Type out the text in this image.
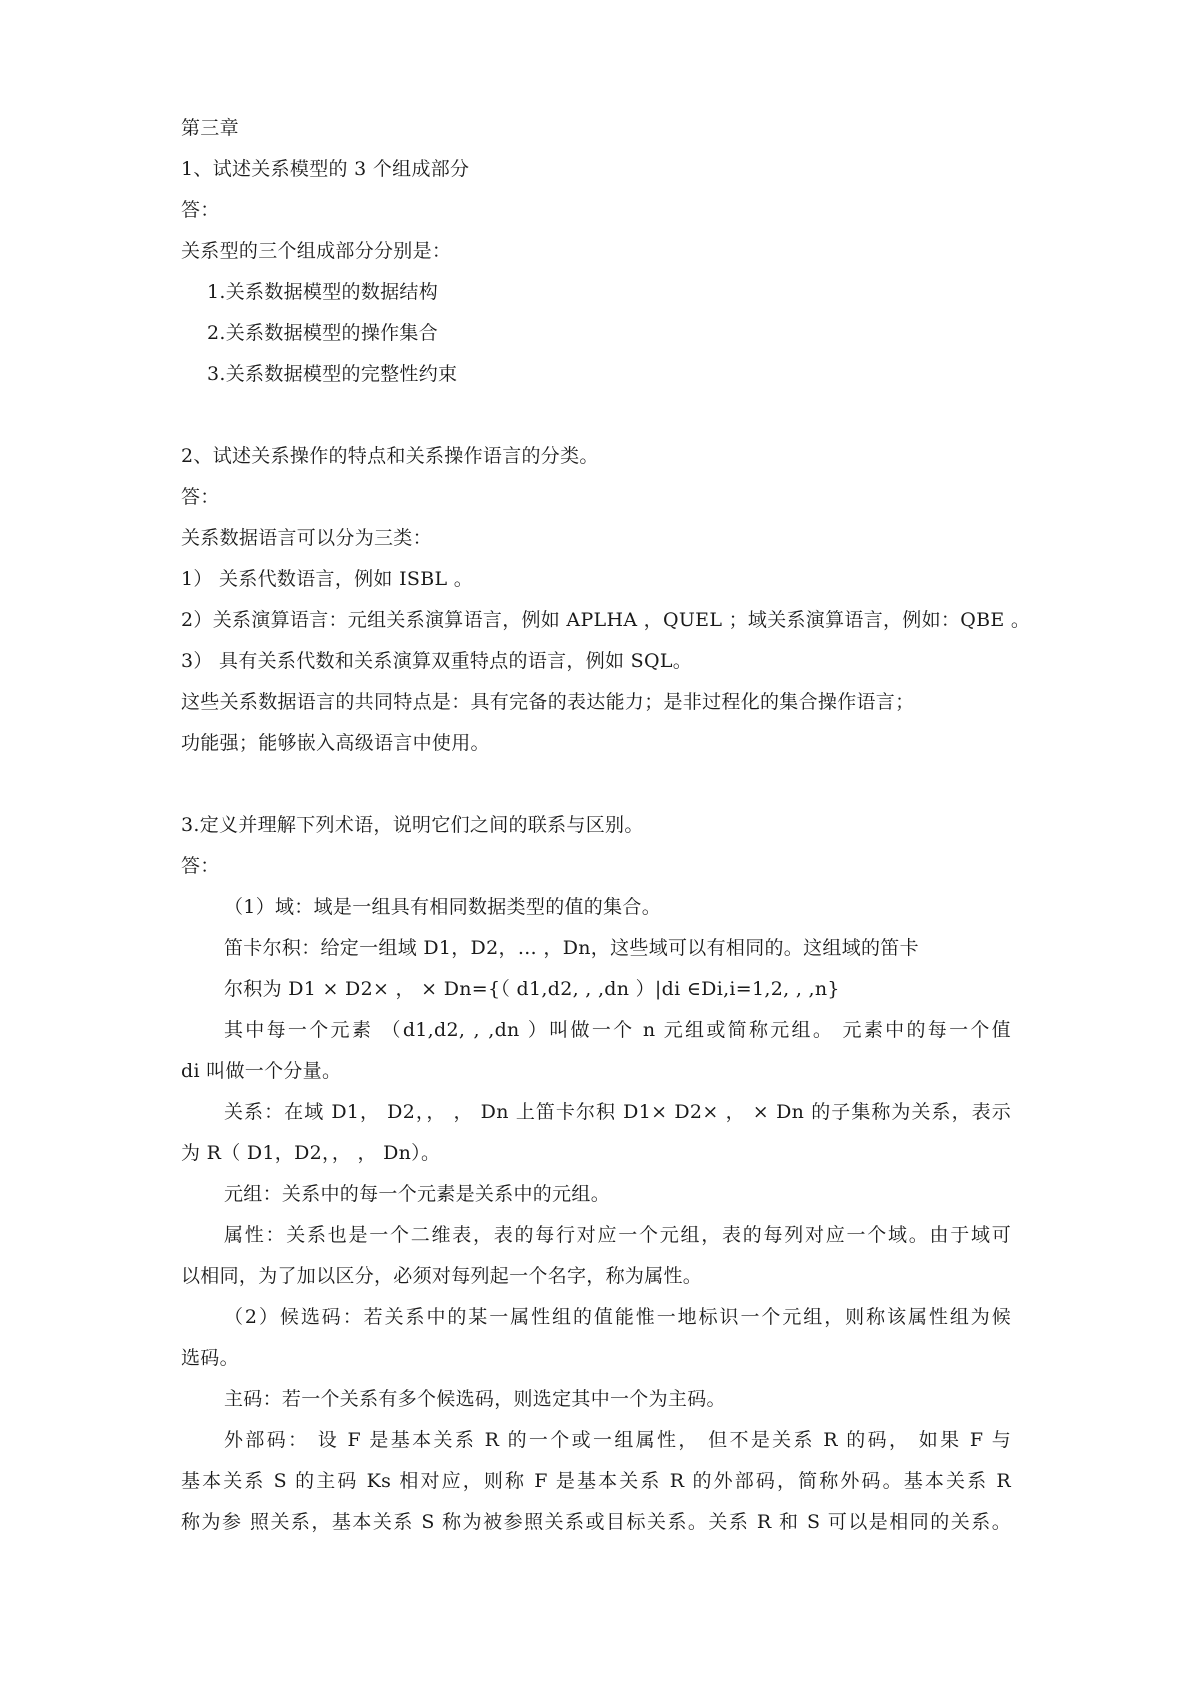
第三章
1、试述关系模型的 3 个组成部分
答：
关系型的三个组成部分分别是：
1.关系数据模型的数据结构
2.关系数据模型的操作集合
3.关系数据模型的完整性约束
2、试述关系操作的特点和关系操作语言的分类。
答：
关系数据语言可以分为三类：
1） 关系代数语言，例如 ISBL 。
2）关系演算语言：元组关系演算语言，例如 APLHA ，QUEL ；域关系演算语言，例如：QBE 。
3） 具有关系代数和关系演算双重特点的语言，例如 SQL。
这些关系数据语言的共同特点是：具有完备的表达能力；是非过程化的集合操作语言；
功能强；能够嵌入高级语言中使用。
3.定义并理解下列术语，说明它们之间的联系与区别。
答：
（1）域：域是一组具有相同数据类型的值的集合。
笛卡尔积：给定一组域 D1，D2，… ，Dn，这些域可以有相同的。这组域的笛卡
尔积为 D1 × D2× ， × Dn={（ d1,d2, , ,dn ）|di ∈Di,i=1,2, , ,n}
其中每一个元素 （d1,d2, , ,dn ）叫做一个 n 元组或简称元组。 元素中的每一个值
di 叫做一个分量。
关系：在域 D1， D2，， ， Dn 上笛卡尔积 D1× D2× ， × Dn 的子集称为关系，表示
为 R（ D1，D2，， ， Dn）。
元组：关系中的每一个元素是关系中的元组。
属性：关系也是一个二维表，表的每行对应一个元组，表的每列对应一个域。由于域可
以相同，为了加以区分，必须对每列起一个名字，称为属性。
（2）候选码：若关系中的某一属性组的值能惟一地标识一个元组，则称该属性组为候
选码。
主码：若一个关系有多个候选码，则选定其中一个为主码。
外部码： 设 F 是基本关系 R 的一个或一组属性， 但不是关系 R 的码， 如果 F 与
基本关系 S 的主码 Ks 相对应，则称 F 是基本关系 R 的外部码，简称外码。基本关系 R
称为参 照关系，基本关系 S 称为被参照关系或目标关系。关系 R 和 S 可以是相同的关系。
